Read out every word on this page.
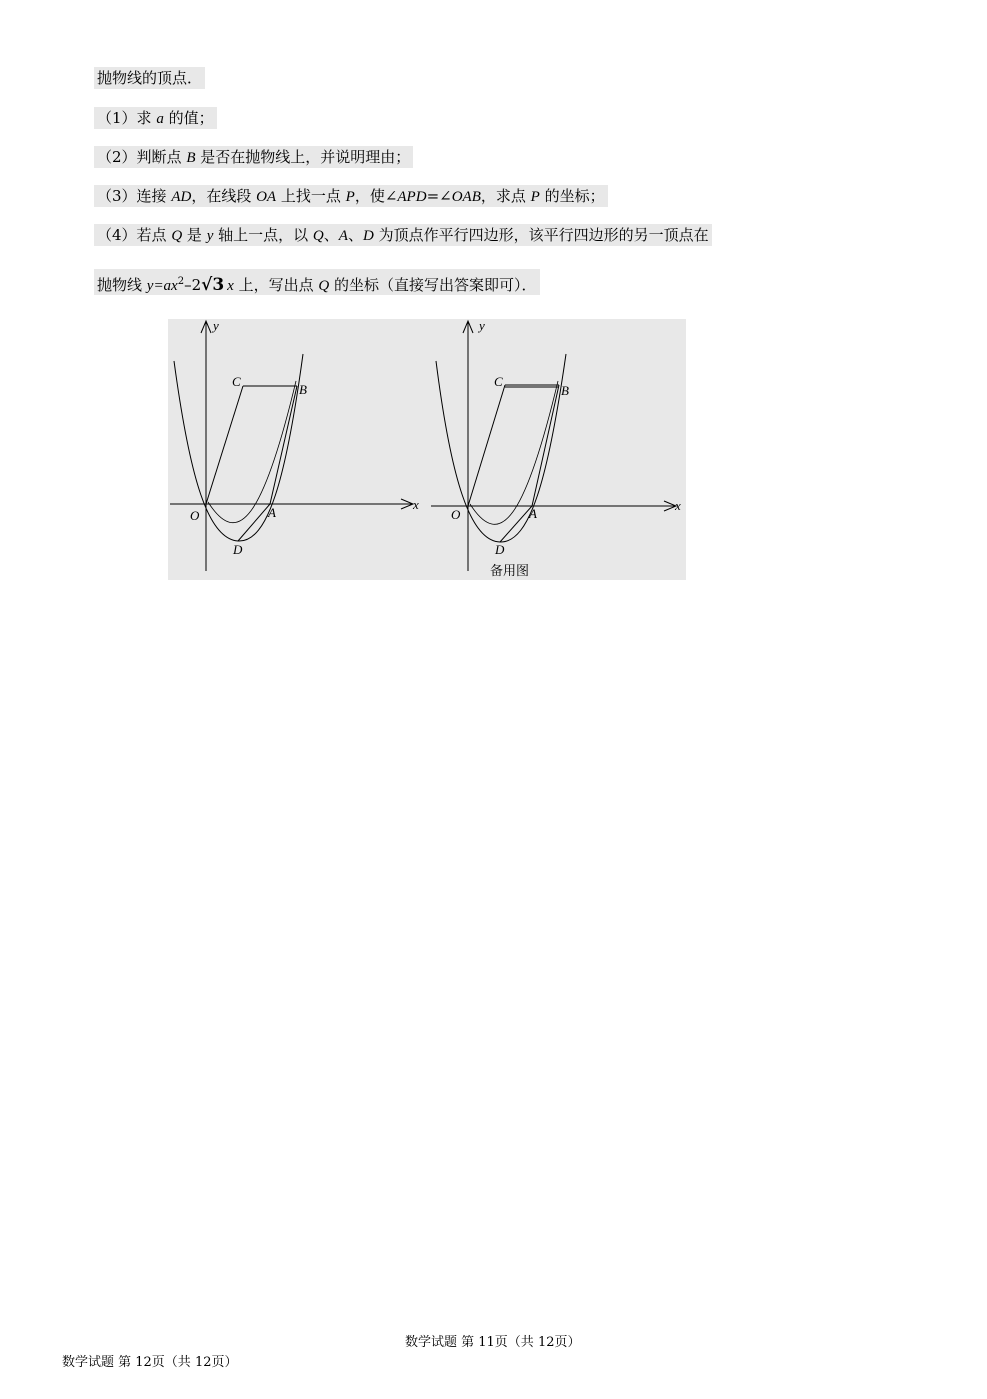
抛物线的顶点．
（1）求 a 的值；
（2）判断点 B 是否在抛物线上，并说明理由；
（3）连接 AD，在线段 OA 上找一点 P，使∠APD=∠OAB，求点 P 的坐标；
（4）若点 Q 是 y 轴上一点，以 Q、A、D 为顶点作平行四边形，该平行四边形的另一顶点在
抛物线 $y=ax^2-2√3$ x 上，写出点 Q 的坐标（直接写出答案即可）．
y
x
O	A
B
C
D
y
x
O	A
B
C
D
备用图
数学试题 第 11页（共 12页）
数学试题 第 12页（共 12页）
